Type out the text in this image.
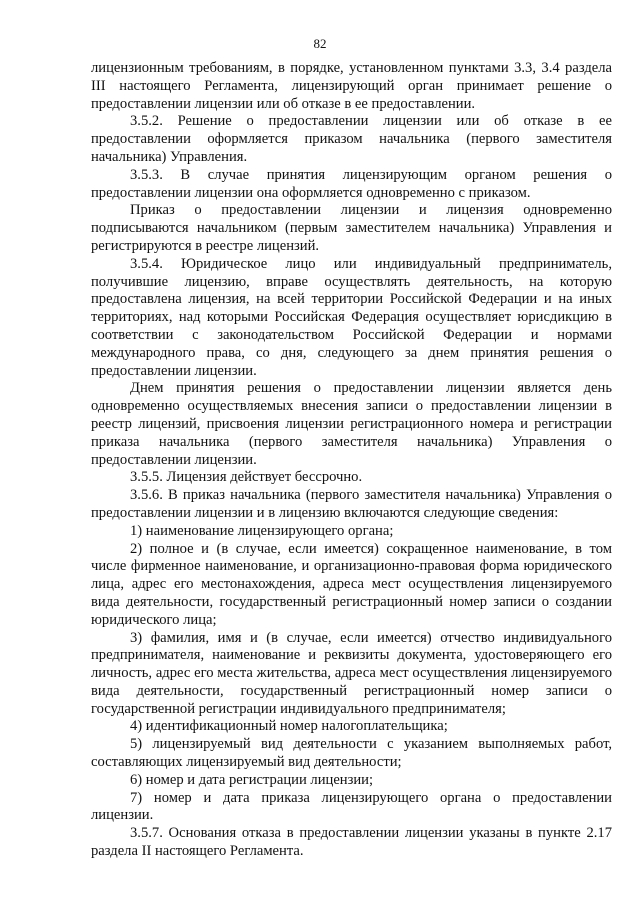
82

лицензионным требованиям, в порядке, установленном пунктами 3.3, 3.4 раздела III настоящего Регламента, лицензирующий орган принимает решение о предоставлении лицензии или об отказе в ее предоставлении.

3.5.2. Решение о предоставлении лицензии или об отказе в ее предоставлении оформляется приказом начальника (первого заместителя начальника) Управления.

3.5.3. В случае принятия лицензирующим органом решения о предоставлении лицензии она оформляется одновременно с приказом.

Приказ о предоставлении лицензии и лицензия одновременно подписываются начальником (первым заместителем начальника) Управления и регистрируются в реестре лицензий.

3.5.4. Юридическое лицо или индивидуальный предприниматель, получившие лицензию, вправе осуществлять деятельность, на которую предоставлена лицензия, на всей территории Российской Федерации и на иных территориях, над которыми Российская Федерация осуществляет юрисдикцию в соответствии с законодательством Российской Федерации и нормами международного права, со дня, следующего за днем принятия решения о предоставлении лицензии.

Днем принятия решения о предоставлении лицензии является день одновременно осуществляемых внесения записи о предоставлении лицензии в реестр лицензий, присвоения лицензии регистрационного номера и регистрации приказа начальника (первого заместителя начальника) Управления о предоставлении лицензии.

3.5.5. Лицензия действует бессрочно.

3.5.6. В приказ начальника (первого заместителя начальника) Управления о предоставлении лицензии и в лицензию включаются следующие сведения:

1) наименование лицензирующего органа;

2) полное и (в случае, если имеется) сокращенное наименование, в том числе фирменное наименование, и организационно-правовая форма юридического лица, адрес его местонахождения, адреса мест осуществления лицензируемого вида деятельности, государственный регистрационный номер записи о создании юридического лица;

3) фамилия, имя и (в случае, если имеется) отчество индивидуального предпринимателя, наименование и реквизиты документа, удостоверяющего его личность, адрес его места жительства, адреса мест осуществления лицензируемого вида деятельности, государственный регистрационный номер записи о государственной регистрации индивидуального предпринимателя;

4) идентификационный номер налогоплательщика;

5) лицензируемый вид деятельности с указанием выполняемых работ, составляющих лицензируемый вид деятельности;

6) номер и дата регистрации лицензии;

7) номер и дата приказа лицензирующего органа о предоставлении лицензии.

3.5.7. Основания отказа в предоставлении лицензии указаны в пункте 2.17 раздела II настоящего Регламента.
